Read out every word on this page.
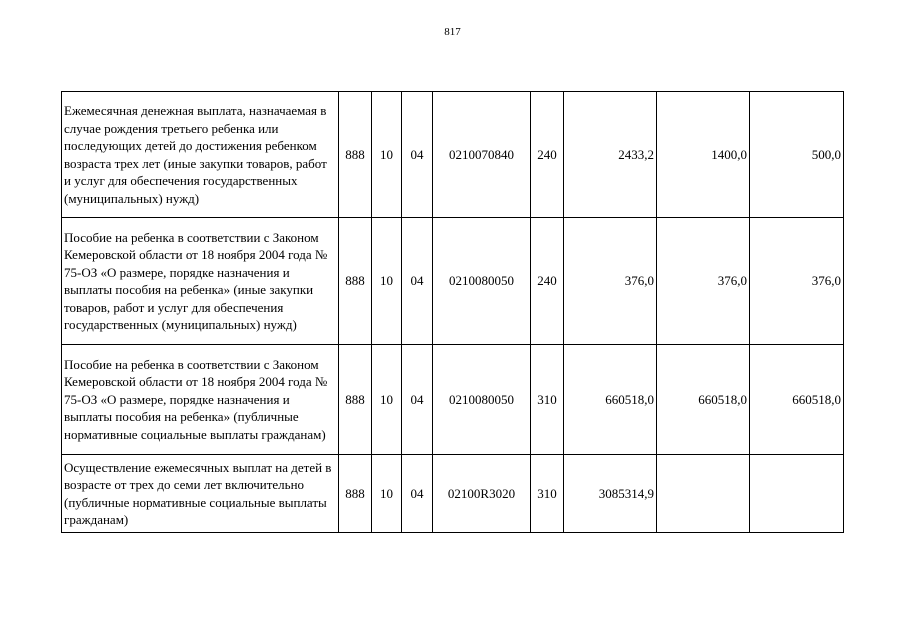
817
Ежемесячная денежная выплата, назначаемая в случае рождения третьего ребенка или последующих детей до достижения ребенком возраста трех лет (иные закупки товаров, работ и услуг для обеспечения государственных (муниципальных) нужд)	888	10	04	0210070840	240	2433,2	1400,0	500,0
Пособие на ребенка в соответствии с Законом Кемеровской области от 18 ноября 2004 года № 75-ОЗ «О размере, порядке назначения и выплаты пособия на ребенка» (иные закупки товаров, работ и услуг для обеспечения государственных (муниципальных) нужд)	888	10	04	0210080050	240	376,0	376,0	376,0
Пособие на ребенка в соответствии с Законом Кемеровской области от 18 ноября 2004 года № 75-ОЗ «О размере, порядке назначения и выплаты пособия на ребенка» (публичные нормативные социальные выплаты гражданам)	888	10	04	0210080050	310	660518,0	660518,0	660518,0
Осуществление ежемесячных выплат на детей в возрасте от трех до семи лет включительно (публичные нормативные социальные выплаты гражданам)	888	10	04	02100R3020	310	3085314,9		
